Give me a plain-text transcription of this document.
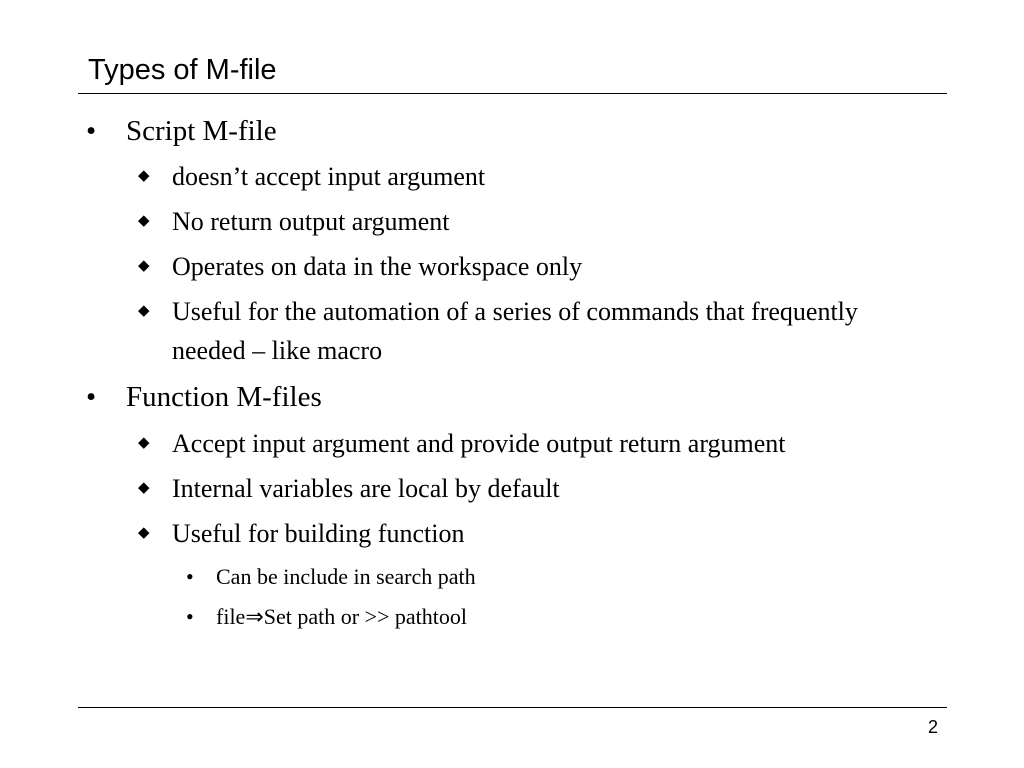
Types of M-file
• Script M-file
◆ doesn’t accept input argument
◆ No return output argument
◆ Operates on data in the workspace only
◆ Useful for the automation of a series of commands that frequently needed – like macro
• Function M-files
◆ Accept input argument and provide output return argument
◆ Internal variables are local by default
◆ Useful for building function
• Can be include in search path
• file⇒Set path or >> pathtool
2
